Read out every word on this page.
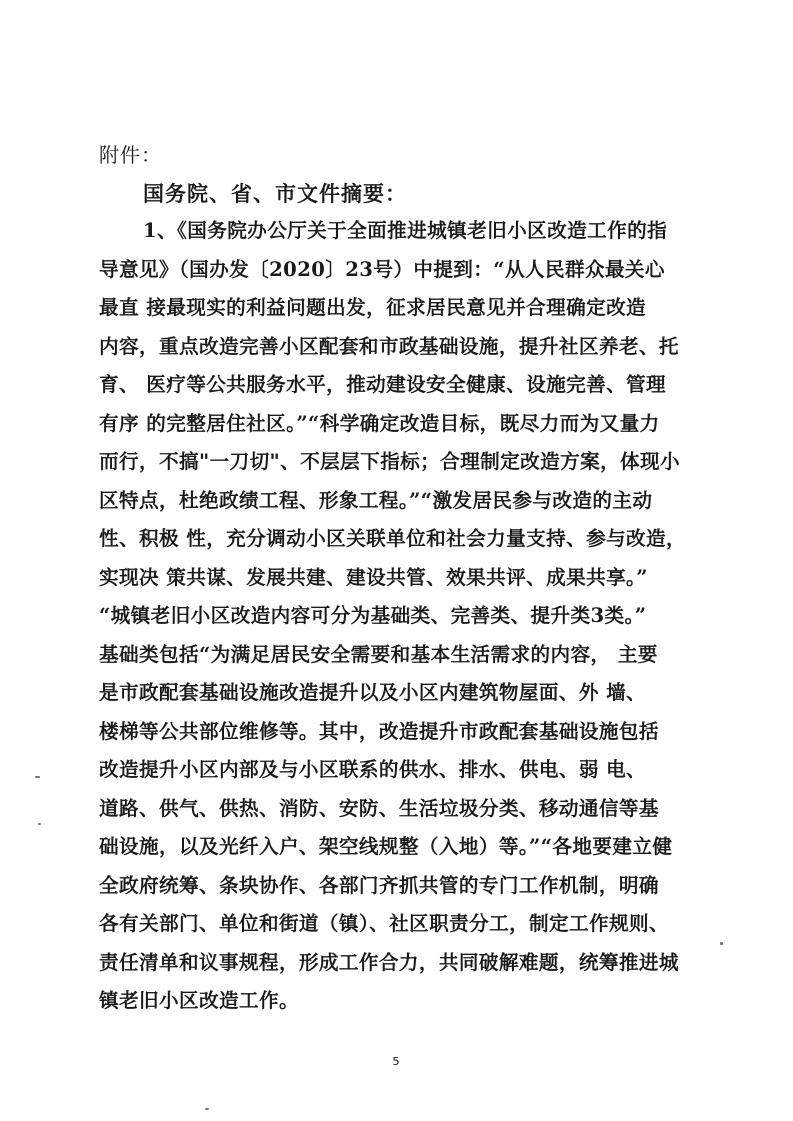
附件：
国务院、省、市文件摘要：
1、《国务院办公厅关于全面推进城镇老旧小区改造工作的指
导意见》（国办发〔2020〕23号）中提到：“从人民群众最关心
最直 接最现实的利益问题出发，征求居民意见并合理确定改造
内容，重点改造完善小区配套和市政基础设施，提升社区养老、托
育、 医疗等公共服务水平，推动建设安全健康、设施完善、管理
有序 的完整居住社区。”“科学确定改造目标，既尽力而为又量力
而行，不搞"一刀切"、不层层下指标；合理制定改造方案，体现小
区特点，杜绝政绩工程、形象工程。”“激发居民参与改造的主动
性、积极 性，充分调动小区关联单位和社会力量支持、参与改造，
实现决 策共谋、发展共建、建设共管、效果共评、成果共享。”
“城镇老旧小区改造内容可分为基础类、完善类、提升类3类。”
基础类包括“为满足居民安全需要和基本生活需求的内容， 主要
是市政配套基础设施改造提升以及小区内建筑物屋面、外 墙、
楼梯等公共部位维修等。其中，改造提升市政配套基础设施包括
改造提升小区内部及与小区联系的供水、排水、供电、弱 电、
道路、供气、供热、消防、安防、生活垃圾分类、移动通信等基
础设施，以及光纤入户、架空线规整（入地）等。”“各地要建立健
全政府统筹、条块协作、各部门齐抓共管的专门工作机制，明确
各有关部门、单位和街道（镇）、社区职责分工，制定工作规则、
责任清单和议事规程，形成工作合力，共同破解难题，统筹推进城
镇老旧小区改造工作。
5
